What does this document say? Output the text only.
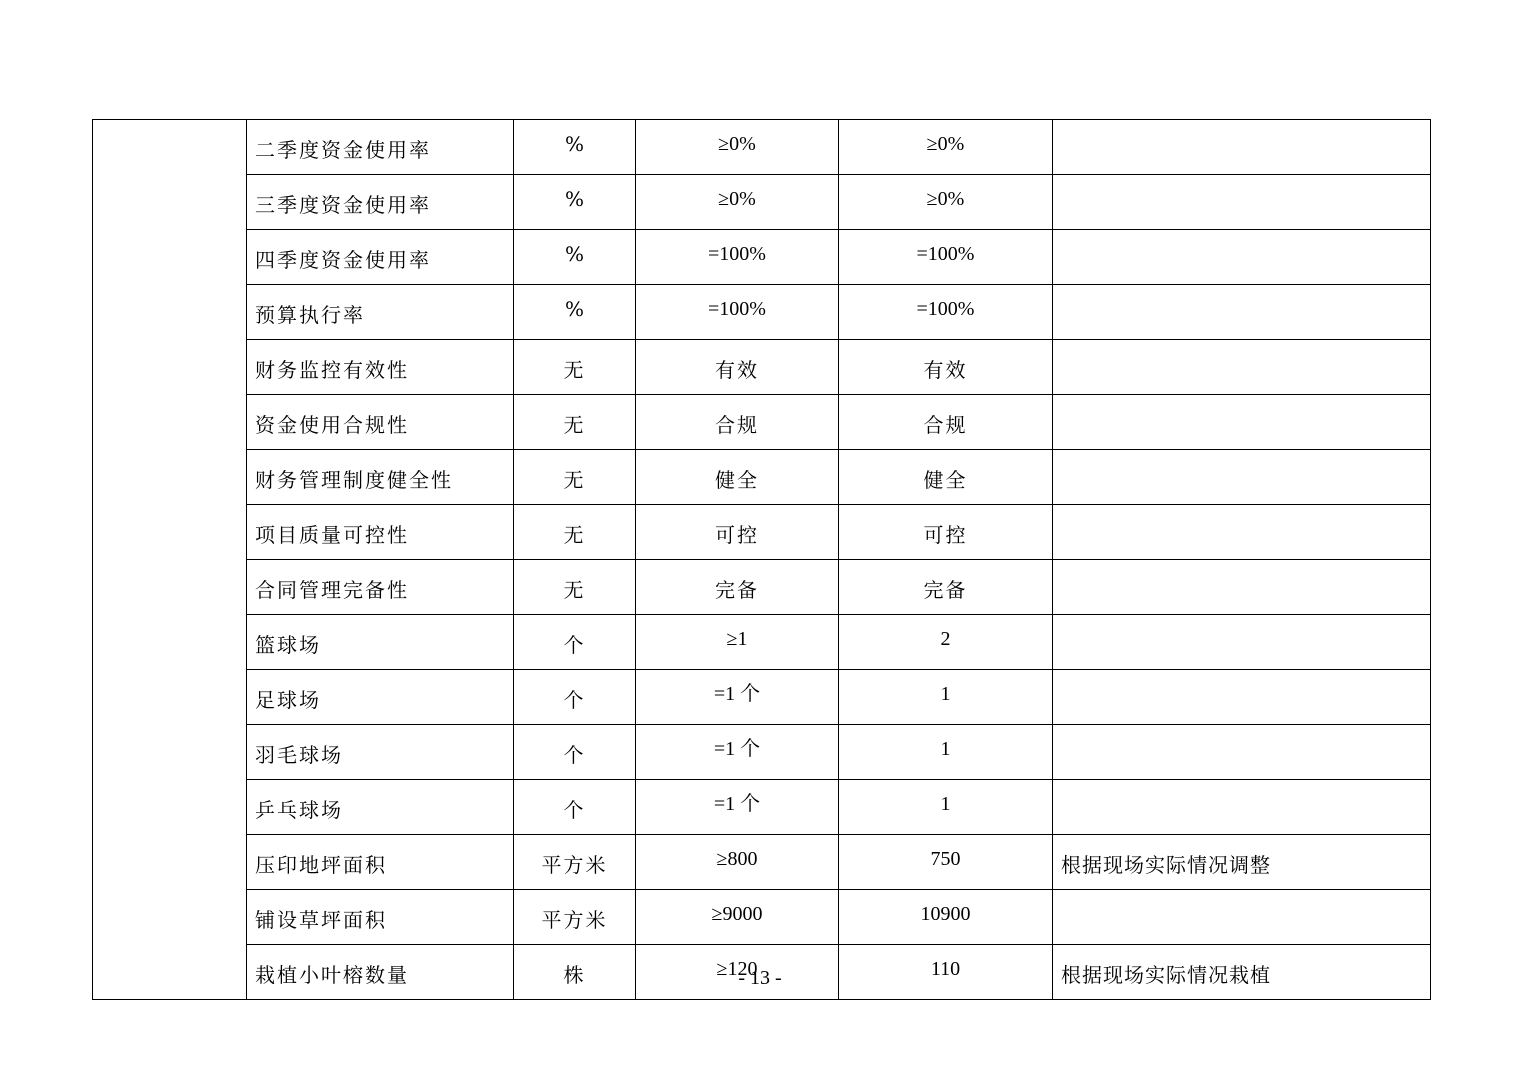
	二季度资金使用率	%	≥0%	≥0%	
	三季度资金使用率	%	≥0%	≥0%	
	四季度资金使用率	%	=100%	=100%	
	预算执行率	%	=100%	=100%	
	财务监控有效性	无	有效	有效	
	资金使用合规性	无	合规	合规	
	财务管理制度健全性	无	健全	健全	
	项目质量可控性	无	可控	可控	
	合同管理完备性	无	完备	完备	
	篮球场	个	≥1	2	
	足球场	个	=1 个	1	
	羽毛球场	个	=1 个	1	
	乒乓球场	个	=1 个	1	
	压印地坪面积	平方米	≥800	750	根据现场实际情况调整
	铺设草坪面积	平方米	≥9000	10900	
	栽植小叶榕数量	株	≥120	110	根据现场实际情况栽植
- 13 -
